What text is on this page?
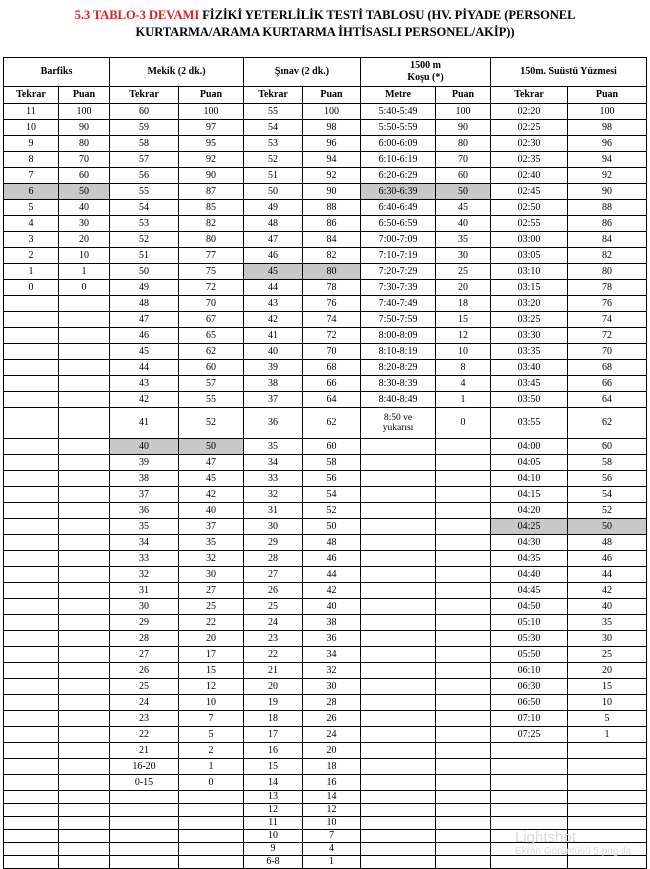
5.3 TABLO-3 DEVAMI FİZİKİ YETERLİLİK TESTİ TABLOSU (HV. PİYADE (PERSONEL
KURTARMA/ARAMA KURTARMA İHTİSASLI PERSONEL/AKİP))
Barfiks		Mekik (2 dk.)		Şınav (2 dk.)		1500 m
Koşu (*)		150m. Suüstü Yüzmesi	
Tekrar	Puan	Tekrar	Puan	Tekrar	Puan	Metre	Puan	Tekrar	Puan
11	100	60	100	55	100	5:40-5:49	100	02:20	100
10	90	59	97	54	98	5:50-5:59	90	02:25	98
9	80	58	95	53	96	6:00-6:09	80	02:30	96
8	70	57	92	52	94	6:10-6:19	70	02:35	94
7	60	56	90	51	92	6:20-6:29	60	02:40	92
6	50	55	87	50	90	6:30-6:39	50	02:45	90
5	40	54	85	49	88	6:40-6:49	45	02:50	88
4	30	53	82	48	86	6:50-6:59	40	02:55	86
3	20	52	80	47	84	7:00-7:09	35	03:00	84
2	10	51	77	46	82	7:10-7:19	30	03:05	82
1	1	50	75	45	80	7:20-7:29	25	03:10	80
0	0	49	72	44	78	7:30-7:39	20	03:15	78
		48	70	43	76	7:40-7:49	18	03:20	76
		47	67	42	74	7:50-7:59	15	03:25	74
		46	65	41	72	8:00-8:09	12	03:30	72
		45	62	40	70	8:10-8:19	10	03:35	70
		44	60	39	68	8:20-8:29	8	03:40	68
		43	57	38	66	8:30-8:39	4	03:45	66
		42	55	37	64	8:40-8:49	1	03:50	64
		41	52	36	62	8:50 ve
yukarısı	0	03:55	62
		40	50	35	60			04:00	60
		39	47	34	58			04:05	58
		38	45	33	56			04:10	56
		37	42	32	54			04:15	54
		36	40	31	52			04:20	52
		35	37	30	50			04:25	50
		34	35	29	48			04:30	48
		33	32	28	46			04:35	46
		32	30	27	44			04:40	44
		31	27	26	42			04:45	42
		30	25	25	40			04:50	40
		29	22	24	38			05:10	35
		28	20	23	36			05:30	30
		27	17	22	34			05:50	25
		26	15	21	32			06:10	20
		25	12	20	30			06:30	15
		24	10	19	28			06:50	10
		23	7	18	26			07:10	5
		22	5	17	24			07:25	1
		21	2	16	20				
		16-20	1	15	18				
		0-15	0	14	16				
				13	14				
				12	12				
				11	10				
				10	7				
				9	4				
				6-8	1				
Lightshot
Ekran Görüntüsü 5.png ila
